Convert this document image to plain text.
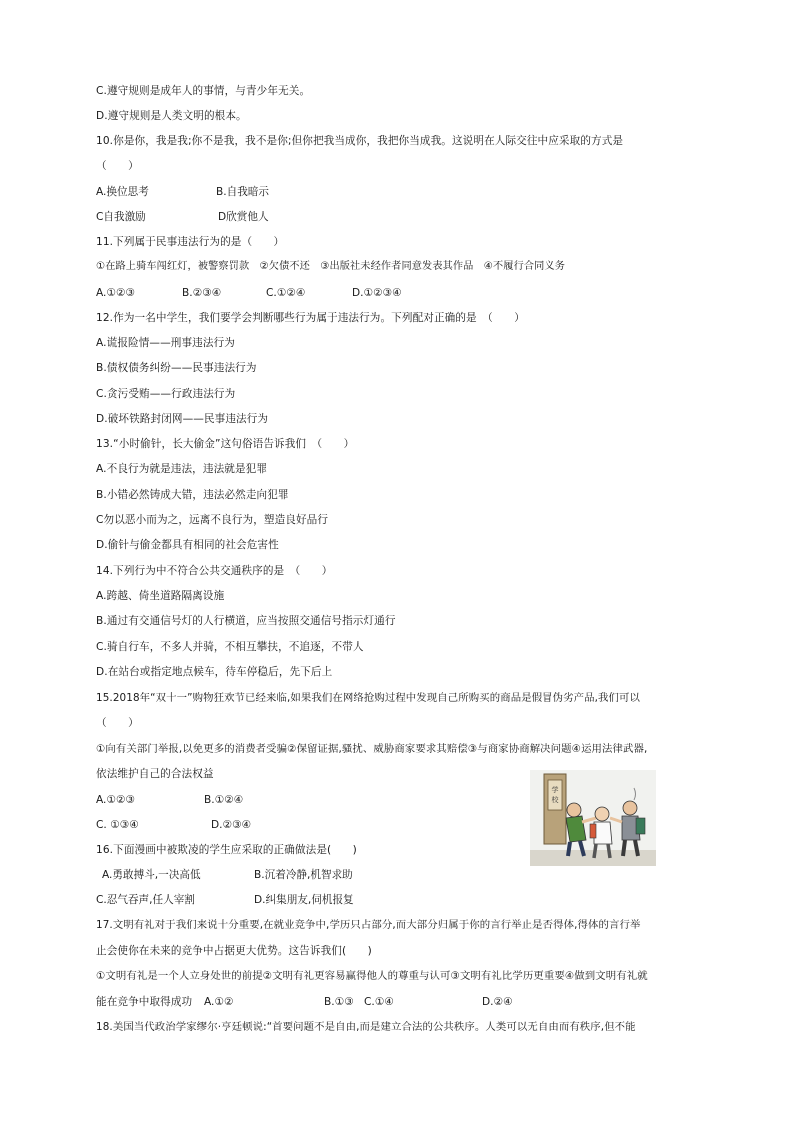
C.遵守规则是成年人的事情，与青少年无关。
D.遵守规则是人类文明的根本。
10.你是你，我是我;你不是我，我不是你;但你把我当成你，我把你当成我。这说明在人际交往中应采取的方式是
（　　）
A.换位思考	B.自我暗示
C自我激励	D欣赏他人
11.下列属于民事违法行为的是（　　）
①在路上骑车闯红灯，被警察罚款　②欠债不还　③出版社未经作者同意发表其作品　④不履行合同义务
A.①②③	B.②③④	C.①②④	D.①②③④
12.作为一名中学生，我们要学会判断哪些行为属于违法行为。下列配对正确的是　（　　）
A.谎报险情——刑事违法行为
B.债权债务纠纷——民事违法行为
C.贪污受贿——行政违法行为
D.破坏铁路封闭网——民事违法行为
13.“小时偷针，长大偷金”这句俗语告诉我们　（　　）
A.不良行为就是违法，违法就是犯罪
B.小错必然铸成大错，违法必然走向犯罪
C勿以恶小而为之，远离不良行为，塑造良好品行
D.偷针与偷金都具有相同的社会危害性
14.下列行为中不符合公共交通秩序的是　（　　）
A.跨越、倚坐道路隔离设施
B.通过有交通信号灯的人行横道，应当按照交通信号指示灯通行
C.骑自行车，不多人并骑，不相互攀扶，不追逐，不带人
D.在站台或指定地点候车，待车停稳后，先下后上
15.2018年“双十一”购物狂欢节已经来临,如果我们在网络抢购过程中发现自己所购买的商品是假冒伪劣产品,我们可以
（　　）
①向有关部门举报,以免更多的消费者受骗②保留证据,骚扰、威胁商家要求其赔偿③与商家协商解决问题④运用法律武器,
依法维护自己的合法权益
A.①②③	B.①②④
C. ①③④	D.②③④
16.下面漫画中被欺凌的学生应采取的正确做法是(　　)
A.勇敢搏斗,一决高低	B.沉着冷静,机智求助
C.忍气吞声,任人宰割	D.纠集朋友,伺机报复
17.文明有礼对于我们来说十分重要,在就业竞争中,学历只占部分,而大部分归属于你的言行举止是否得体,得体的言行举
止会使你在未来的竞争中占据更大优势。这告诉我们(　　)
①文明有礼是一个人立身处世的前提②文明有礼更容易赢得他人的尊重与认可③文明有礼比学历更重要④做到文明有礼就
能在竞争中取得成功 A.①②	B.①③ C.①④	D.②④
18.美国当代政治学家缪尔·亨廷顿说:“首要问题不是自由,而是建立合法的公共秩序。人类可以无自由而有秩序,但不能
学
校
